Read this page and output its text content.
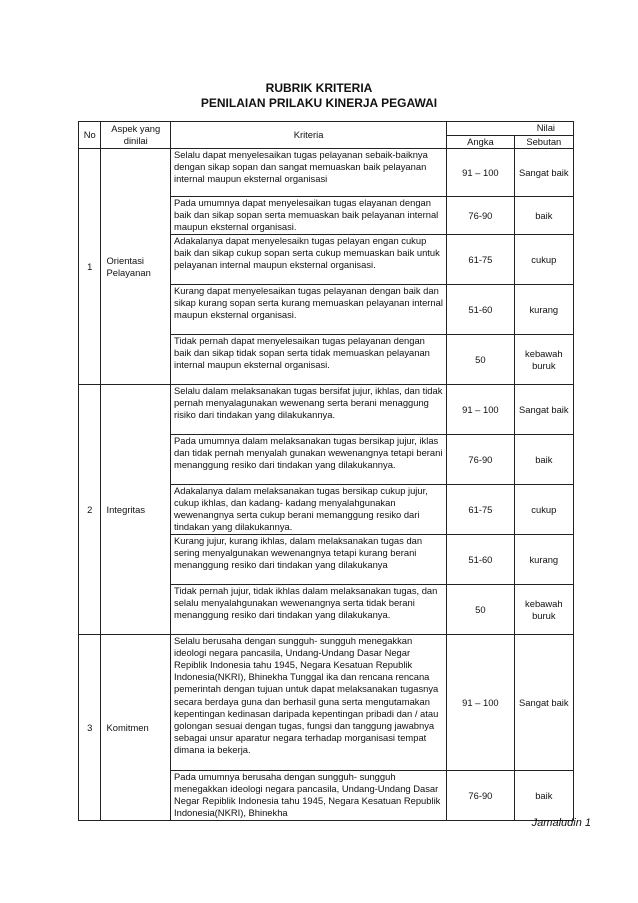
RUBRIK KRITERIA
PENILAIAN PRILAKU KINERJA PEGAWAI
No	Aspek yang dinilai	Kriteria	Nilai	
			Angka	Sebutan
1	Orientasi Pelayanan	Selalu dapat menyelesaikan tugas pelayanan sebaik-baiknya dengan sikap sopan dan sangat memuaskan baik pelayanan internal maupun eksternal organisasi	91 – 100	Sangat baik
		Pada umumnya dapat menyelesaikan tugas elayanan dengan baik dan sikap sopan serta memuaskan baik pelayanan internal maupun eksternal organisasi.	76-90	baik
		Adakalanya dapat menyelesaikn tugas pelayan engan cukup baik dan sikap cukup sopan serta cukup memuaskan baik untuk pelayanan internal maupun eksternal organisasi.	61-75	cukup
		Kurang dapat menyelesaikan tugas pelayanan dengan baik dan sikap kurang sopan serta kurang memuaskan pelayanan internal maupun eksternal organisasi.	51-60	kurang
		Tidak pernah dapat menyelesaikan tugas pelayanan dengan baik dan sikap tidak sopan serta tidak memuaskan pelayanan internal maupun eksternal organisasi.	50	kebawah buruk
2	Integritas	Selalu dalam melaksanakan tugas bersifat jujur, ikhlas, dan tidak pernah menyalagunakan wewenang serta berani menaggung risiko dari tindakan yang dilakukannya.	91 – 100	Sangat baik
		Pada umumnya dalam melaksanakan tugas bersikap jujur, iklas dan tidak pernah menyalah gunakan wewenangnya tetapi berani menanggung resiko dari tindakan yang dilakukannya.	76-90	baik
		Adakalanya dalam melaksanakan tugas bersikap cukup jujur, cukup ikhlas, dan kadang- kadang menyalahgunakan wewenangnya serta cukup berani memanggung resiko dari tindakan yang dilakukannya.	61-75	cukup
		Kurang jujur, kurang ikhlas, dalam melaksanakan tugas dan sering menyalgunakan wewenangnya tetapi kurang berani menanggung resiko dari tindakan yang dilakukanya	51-60	kurang
		Tidak pernah jujur, tidak ikhlas dalam melaksanakan tugas, dan selalu menyalahgunakan wewenangnya serta tidak berani menanggung resiko dari tindakan yang dilakukanya.	50	kebawah buruk
3	Komitmen	Selalu berusaha dengan sungguh- sungguh menegakkan ideologi negara pancasila, Undang-Undang Dasar Negar Repiblik Indonesia tahu 1945, Negara Kesatuan Republik Indonesia(NKRI), Bhinekha Tunggal ika dan rencana rencana pemerintah dengan tujuan untuk dapat melaksanakan tugasnya secara berdaya guna dan berhasil guna serta mengutamakan kepentingan kedinasan daripada kepentingan pribadi dan / atau golongan sesuai dengan tugas, fungsi dan tanggung jawabnya sebagai unsur aparatur negara terhadap morganisasi tempat dimana ia bekerja.	91 – 100	Sangat baik
		Pada umumnya berusaha dengan sungguh- sungguh menegakkan ideologi negara pancasila, Undang-Undang Dasar Negar Repiblik Indonesia tahu 1945, Negara Kesatuan Republik Indonesia(NKRI), Bhinekha	76-90	baik
Jamaludin 1
